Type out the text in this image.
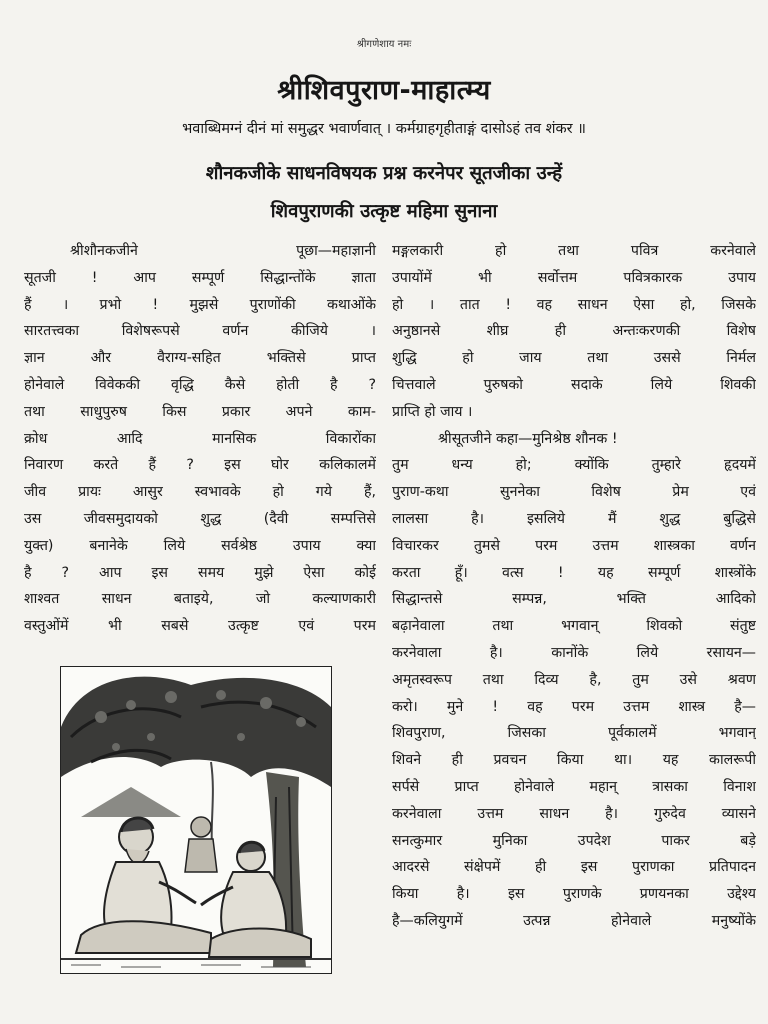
श्रीगणेशाय नमः
श्रीशिवपुराण-माहात्म्य
भवाब्धिमग्नं दीनं मां समुद्धर भवार्णवात् । कर्मग्राहगृहीताङ्गं दासोऽहं तव शंकर ॥
शौनकजीके साधनविषयक प्रश्न करनेपर सूतजीका उन्हें
शिवपुराणकी उत्कृष्ट महिमा सुनाना
श्रीशौनकजीने	पूछा—महाज्ञानी
सूतजी ! आप सम्पूर्ण सिद्धान्तोंके ज्ञाता
हैं । प्रभो ! मुझसे पुराणोंकी कथाओंके
सारतत्त्वका विशेषरूपसे वर्णन कीजिये ।
ज्ञान और वैराग्य-सहित भक्तिसे प्राप्त
होनेवाले विवेककी वृद्धि कैसे होती है ?
तथा साधुपुरुष किस प्रकार अपने काम-
क्रोध आदि मानसिक विकारोंका
निवारण करते हैं ? इस घोर कलिकालमें
जीव प्रायः आसुर स्वभावके हो गये हैं,
उस जीवसमुदायको शुद्ध (दैवी सम्पत्तिसे
युक्त) बनानेके लिये सर्वश्रेष्ठ उपाय क्या
है ? आप इस समय मुझे ऐसा कोई
शाश्वत साधन बताइये, जो कल्याणकारी
वस्तुओंमें भी सबसे उत्कृष्ट एवं परम
मङ्गलकारी हो तथा पवित्र करनेवाले
उपायोंमें भी सर्वोत्तम पवित्रकारक उपाय
हो । तात ! वह साधन ऐसा हो, जिसके
अनुष्ठानसे शीघ्र ही अन्तःकरणकी विशेष
शुद्धि हो जाय तथा उससे निर्मल
चित्तवाले पुरुषको सदाके लिये शिवकी
प्राप्ति हो जाय ।
श्रीसूतजीने कहा—मुनिश्रेष्ठ शौनक !
तुम धन्य हो; क्योंकि तुम्हारे हृदयमें
पुराण-कथा सुननेका विशेष प्रेम एवं
लालसा है। इसलिये मैं शुद्ध बुद्धिसे
विचारकर तुमसे परम उत्तम शास्त्रका वर्णन
करता हूँ। वत्स ! यह सम्पूर्ण शास्त्रोंके
सिद्धान्तसे सम्पन्न, भक्ति आदिको
बढ़ानेवाला तथा भगवान् शिवको संतुष्ट
करनेवाला है। कानोंके लिये रसायन—
अमृतस्वरूप तथा दिव्य है, तुम उसे श्रवण
करो। मुने ! वह परम उत्तम शास्त्र है—
शिवपुराण, जिसका पूर्वकालमें भगवान्
शिवने ही प्रवचन किया था। यह कालरूपी
सर्पसे प्राप्त होनेवाले महान् त्रासका विनाश
करनेवाला उत्तम साधन है। गुरुदेव व्यासने
सनत्कुमार मुनिका उपदेश पाकर बड़े
आदरसे संक्षेपमें ही इस पुराणका प्रतिपादन
किया है। इस पुराणके प्रणयनका उद्देश्य
है—कलियुगमें उत्पन्न होनेवाले मनुष्योंके
